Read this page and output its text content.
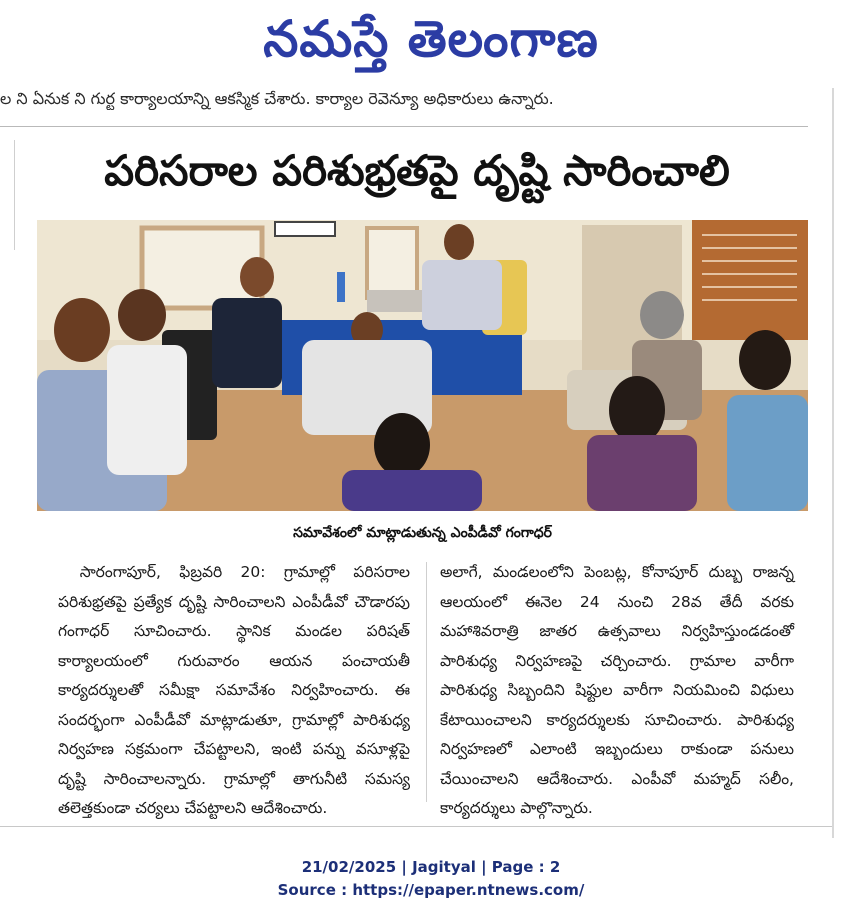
నమస్తే తెలంగాణ
ల ని ఏనుక ని గుర్ట కార్యాలయాన్ని ఆకస్మిక చేశారు. కార్యాల రెవెన్యూ అధికారులు ఉన్నారు.
పరిసరాల పరిశుభ్రతపై దృష్టి సారించాలి
సమావేశంలో మాట్లాడుతున్న ఎంపీడీవో గంగాధర్
సారంగాపూర్, ఫిబ్రవరి 20: గ్రామాల్లో పరిసరాల పరిశుభ్రతపై ప్రత్యేక దృష్టి సారించాలని ఎంపీడీవో చౌడారపు గంగాధర్ సూచించారు. స్థానిక మండల పరిషత్ కార్యాలయంలో గురువారం ఆయన పంచాయతీ కార్యదర్శులతో సమీక్షా సమావేశం నిర్వహించారు. ఈ సందర్భంగా ఎంపీడీవో మాట్లాడుతూ, గ్రామాల్లో పారిశుధ్య నిర్వహణ సక్రమంగా చేపట్టాలని, ఇంటి పన్ను వసూళ్లపై దృష్టి సారించాలన్నారు. గ్రామాల్లో తాగునీటి సమస్య తలెత్తకుండా చర్యలు చేపట్టాలని ఆదేశించారు.
అలాగే, మండలంలోని పెంబట్ల, కోనాపూర్ దుబ్బ రాజన్న ఆలయంలో ఈనెల 24 నుంచి 28వ తేదీ వరకు మహాశివరాత్రి జాతర ఉత్సవాలు నిర్వహిస్తుండడంతో పారిశుధ్య నిర్వహణపై చర్చించారు. గ్రామాల వారీగా పారిశుధ్య సిబ్బందిని షిఫ్టుల వారీగా నియమించి విధులు కేటాయించాలని కార్యదర్శులకు సూచించారు. పారిశుధ్య నిర్వహణలో ఎలాంటి ఇబ్బందులు రాకుండా పనులు చేయించాలని ఆదేశించారు. ఎంపీవో మహ్మద్ సలీం, కార్యదర్శులు పాల్గొన్నారు.
21/02/2025 | Jagityal | Page : 2
Source : https://epaper.ntnews.com/
